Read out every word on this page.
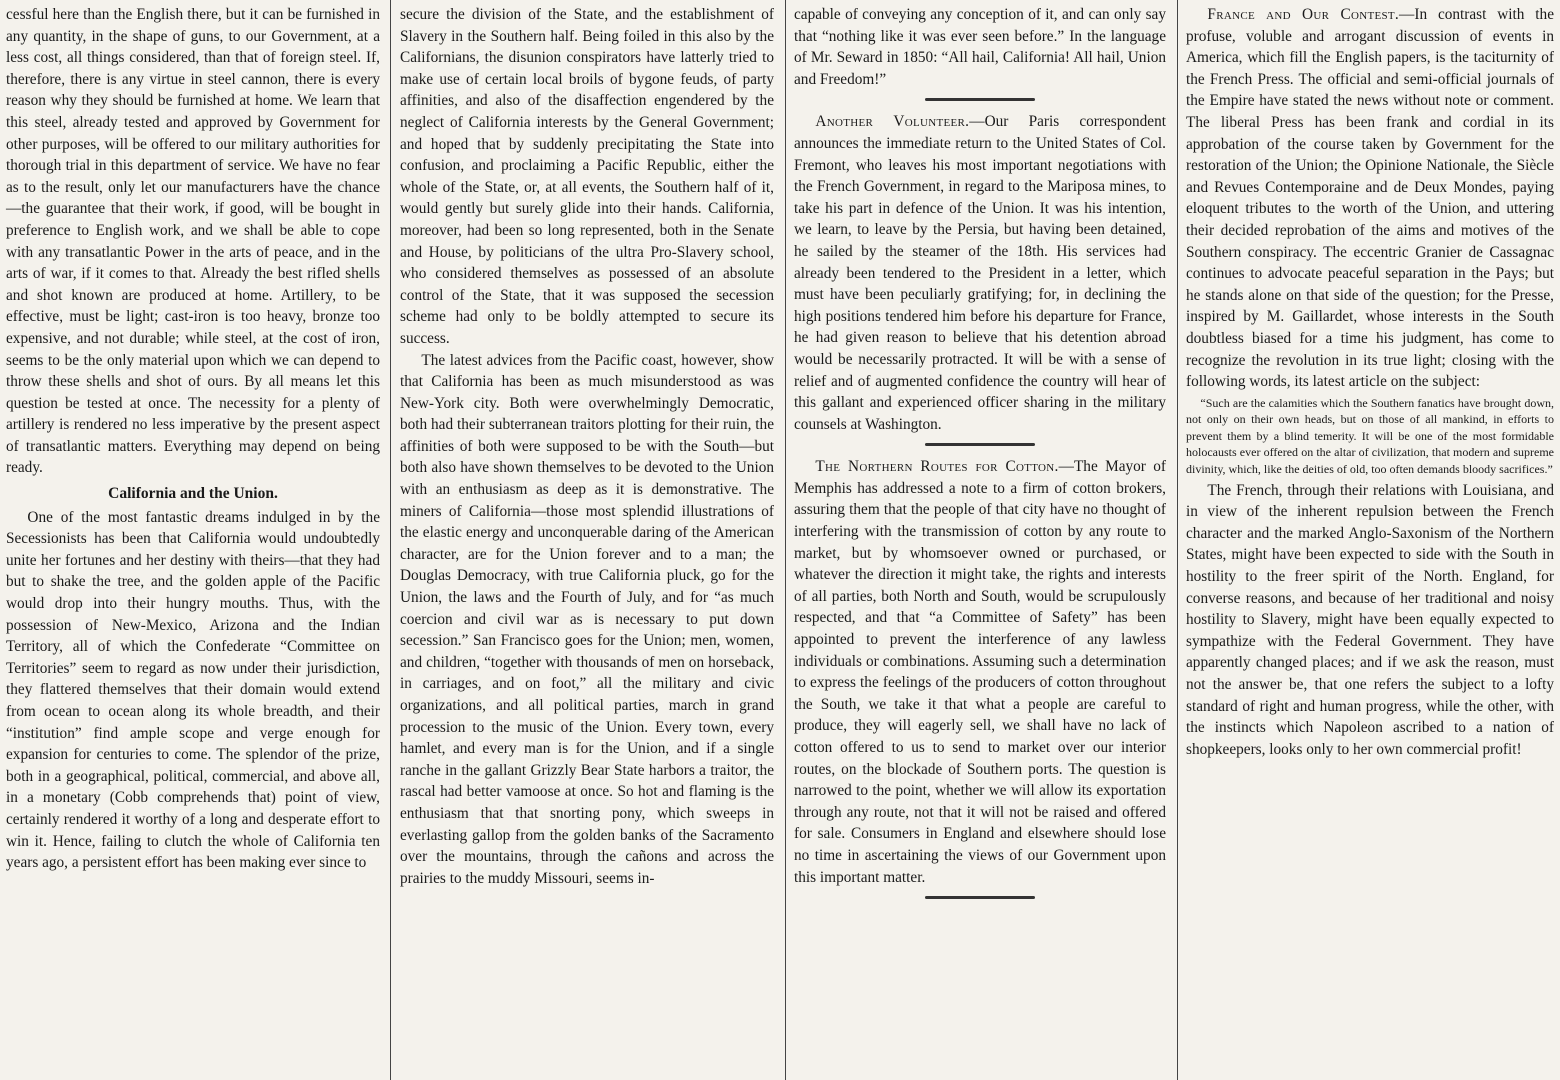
cessful here than the English there, but it can be furnished in any quantity, in the shape of guns, to our Government, at a less cost, all things considered, than that of foreign steel. If, therefore, there is any virtue in steel cannon, there is every reason why they should be furnished at home. We learn that this steel, already tested and approved by Government for other purposes, will be offered to our military authorities for thorough trial in this department of service. We have no fear as to the result, only let our manufacturers have the chance—the guarantee that their work, if good, will be bought in preference to English work, and we shall be able to cope with any transatlantic Power in the arts of peace, and in the arts of war, if it comes to that. Already the best rifled shells and shot known are produced at home. Artillery, to be effective, must be light; cast-iron is too heavy, bronze too expensive, and not durable; while steel, at the cost of iron, seems to be the only material upon which we can depend to throw these shells and shot of ours. By all means let this question be tested at once. The necessity for a plenty of artillery is rendered no less imperative by the present aspect of transatlantic matters. Everything may depend on being ready.

California and the Union.

One of the most fantastic dreams indulged in by the Secessionists has been that California would undoubtedly unite her fortunes and her destiny with theirs—that they had but to shake the tree, and the golden apple of the Pacific would drop into their hungry mouths. Thus, with the possession of New-Mexico, Arizona and the Indian Territory, all of which the Confederate “Committee on Territories” seem to regard as now under their jurisdiction, they flattered themselves that their domain would extend from ocean to ocean along its whole breadth, and their “institution” find ample scope and verge enough for expansion for centuries to come. The splendor of the prize, both in a geographical, political, commercial, and above all, in a monetary (Cobb comprehends that) point of view, certainly rendered it worthy of a long and desperate effort to win it. Hence, failing to clutch the whole of California ten years ago, a persistent effort has been making ever since to

secure the division of the State, and the establishment of Slavery in the Southern half. Being foiled in this also by the Californians, the disunion conspirators have latterly tried to make use of certain local broils of bygone feuds, of party affinities, and also of the disaffection engendered by the neglect of California interests by the General Government; and hoped that by suddenly precipitating the State into confusion, and proclaiming a Pacific Republic, either the whole of the State, or, at all events, the Southern half of it, would gently but surely glide into their hands. California, moreover, had been so long represented, both in the Senate and House, by politicians of the ultra Pro-Slavery school, who considered themselves as possessed of an absolute control of the State, that it was supposed the secession scheme had only to be boldly attempted to secure its success.

The latest advices from the Pacific coast, however, show that California has been as much misunderstood as was New-York city. Both were overwhelmingly Democratic, both had their subterranean traitors plotting for their ruin, the affinities of both were supposed to be with the South—but both also have shown themselves to be devoted to the Union with an enthusiasm as deep as it is demonstrative. The miners of California—those most splendid illustrations of the elastic energy and unconquerable daring of the American character, are for the Union forever and to a man; the Douglas Democracy, with true California pluck, go for the Union, the laws and the Fourth of July, and for “as much coercion and civil war as is necessary to put down secession.” San Francisco goes for the Union; men, women, and children, “together with thousands of men on horseback, in carriages, and on foot,” all the military and civic organizations, and all political parties, march in grand procession to the music of the Union. Every town, every hamlet, and every man is for the Union, and if a single ranche in the gallant Grizzly Bear State harbors a traitor, the rascal had better vamoose at once. So hot and flaming is the enthusiasm that that snorting pony, which sweeps in everlasting gallop from the golden banks of the Sacramento over the mountains, through the cañons and across the prairies to the muddy Missouri, seems in-

capable of conveying any conception of it, and can only say that “nothing like it was ever seen before.” In the language of Mr. Seward in 1850: “All hail, California! All hail, Union and Freedom!”

Another Volunteer.—Our Paris correspondent announces the immediate return to the United States of Col. Fremont, who leaves his most important negotiations with the French Government, in regard to the Mariposa mines, to take his part in defence of the Union. It was his intention, we learn, to leave by the Persia, but having been detained, he sailed by the steamer of the 18th. His services had already been tendered to the President in a letter, which must have been peculiarly gratifying; for, in declining the high positions tendered him before his departure for France, he had given reason to believe that his detention abroad would be necessarily protracted. It will be with a sense of relief and of augmented confidence the country will hear of this gallant and experienced officer sharing in the military counsels at Washington.

The Northern Routes for Cotton.—The Mayor of Memphis has addressed a note to a firm of cotton brokers, assuring them that the people of that city have no thought of interfering with the transmission of cotton by any route to market, but by whomsoever owned or purchased, or whatever the direction it might take, the rights and interests of all parties, both North and South, would be scrupulously respected, and that “a Committee of Safety” has been appointed to prevent the interference of any lawless individuals or combinations. Assuming such a determination to express the feelings of the producers of cotton throughout the South, we take it that what a people are careful to produce, they will eagerly sell, we shall have no lack of cotton offered to us to send to market over our interior routes, on the blockade of Southern ports. The question is narrowed to the point, whether we will allow its exportation through any route, not that it will not be raised and offered for sale. Consumers in England and elsewhere should lose no time in ascertaining the views of our Government upon this important matter.

France and Our Contest.—In contrast with the profuse, voluble and arrogant discussion of events in America, which fill the English papers, is the taciturnity of the French Press. The official and semi-official journals of the Empire have stated the news without note or comment. The liberal Press has been frank and cordial in its approbation of the course taken by Government for the restoration of the Union; the Opinione Nationale, the Siècle and Revues Contemporaine and de Deux Mondes, paying eloquent tributes to the worth of the Union, and uttering their decided reprobation of the aims and motives of the Southern conspiracy. The eccentric Granier de Cassagnac continues to advocate peaceful separation in the Pays; but he stands alone on that side of the question; for the Presse, inspired by M. Gaillardet, whose interests in the South doubtless biased for a time his judgment, has come to recognize the revolution in its true light; closing with the following words, its latest article on the subject:

“Such are the calamities which the Southern fanatics have brought down, not only on their own heads, but on those of all mankind, in efforts to prevent them by a blind temerity. It will be one of the most formidable holocausts ever offered on the altar of civilization, that modern and supreme divinity, which, like the deities of old, too often demands bloody sacrifices.”

The French, through their relations with Louisiana, and in view of the inherent repulsion between the French character and the marked Anglo-Saxonism of the Northern States, might have been expected to side with the South in hostility to the freer spirit of the North. England, for converse reasons, and because of her traditional and noisy hostility to Slavery, might have been equally expected to sympathize with the Federal Government. They have apparently changed places; and if we ask the reason, must not the answer be, that one refers the subject to a lofty standard of right and human progress, while the other, with the instincts which Napoleon ascribed to a nation of shopkeepers, looks only to her own commercial profit!
